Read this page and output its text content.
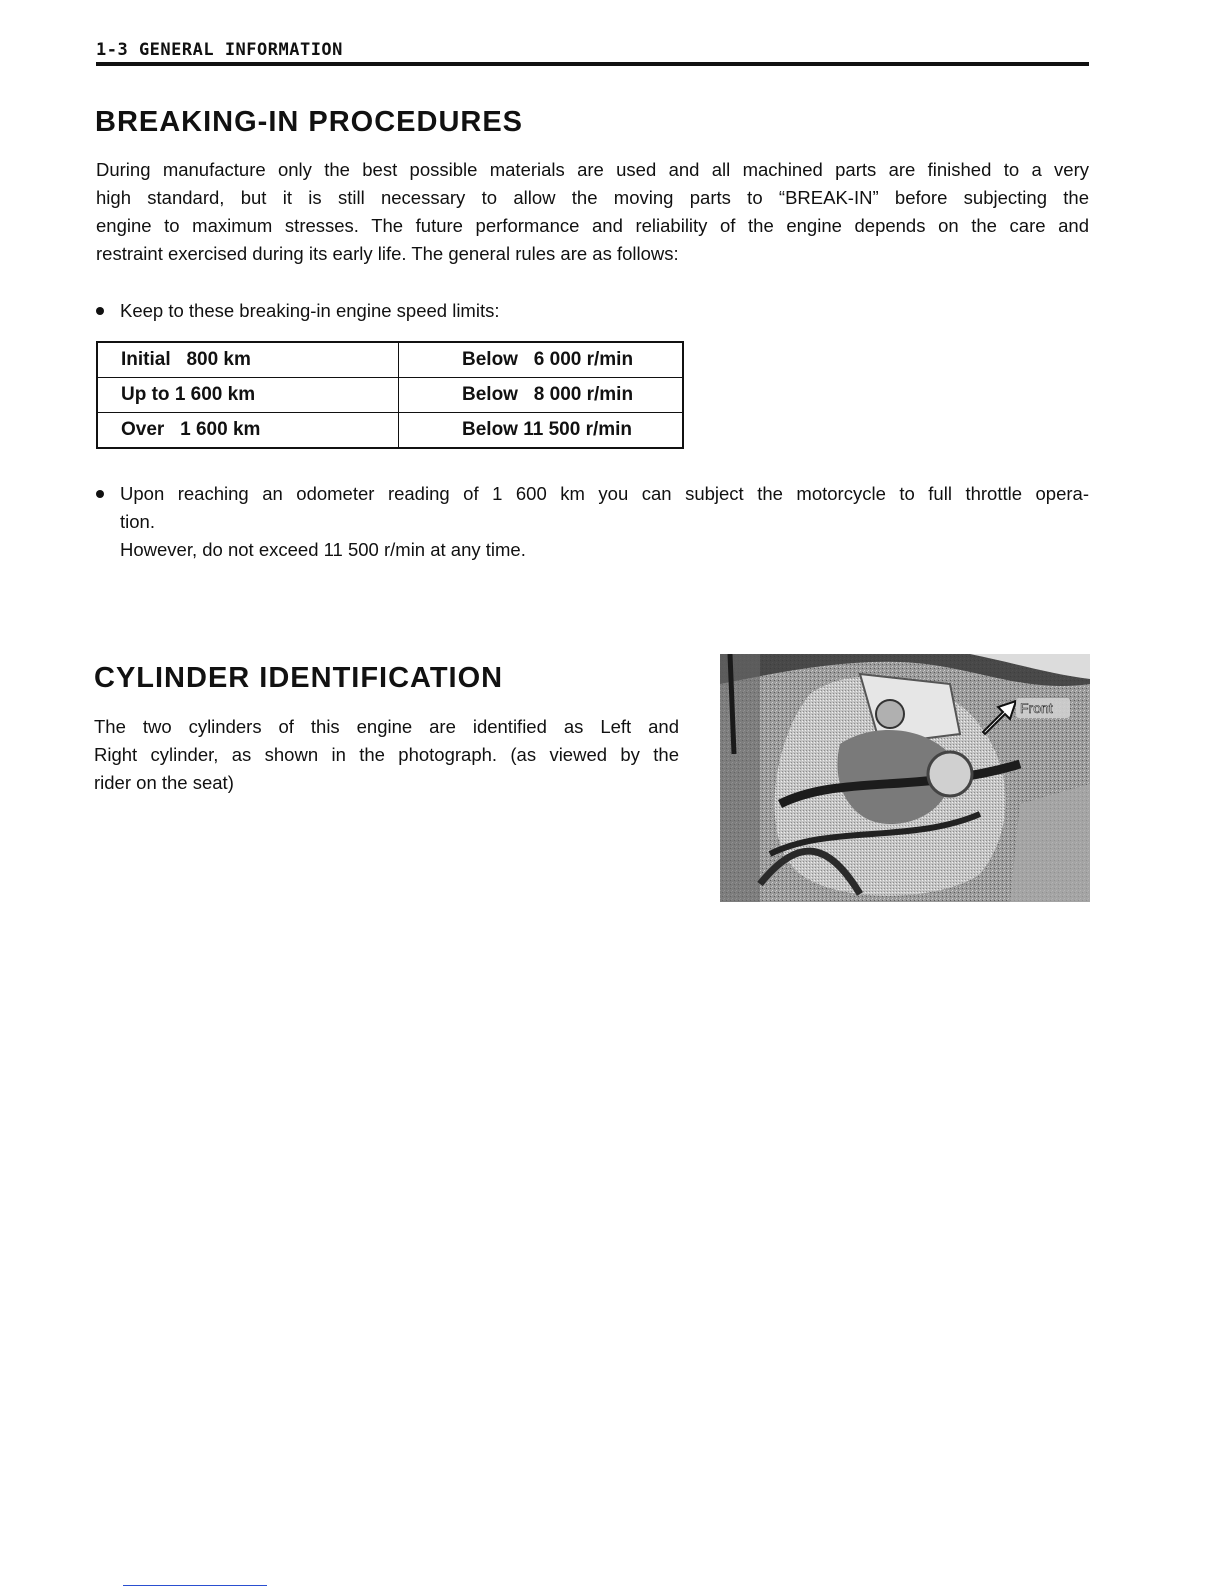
1-3 GENERAL INFORMATION
BREAKING-IN PROCEDURES
During manufacture only the best possible materials are used and all machined parts are finished to a very
high standard, but it is still necessary to allow the moving parts to “BREAK-IN” before subjecting the
engine to maximum stresses. The future performance and reliability of the engine depends on the care and
restraint exercised during its early life. The general rules are as follows:
Keep to these breaking-in engine speed limits:
Initial   800 km	Below   6 000 r/min
Up to 1 600 km	Below   8 000 r/min
Over   1 600 km	Below 11 500 r/min
Upon reaching an odometer reading of 1 600 km you can subject the motorcycle to full throttle opera-
tion.
However, do not exceed 11 500 r/min at any time.
CYLINDER IDENTIFICATION
The two cylinders of this engine are identified as Left and
Right cylinder, as shown in the photograph. (as viewed by the
rider on the seat)
Front
